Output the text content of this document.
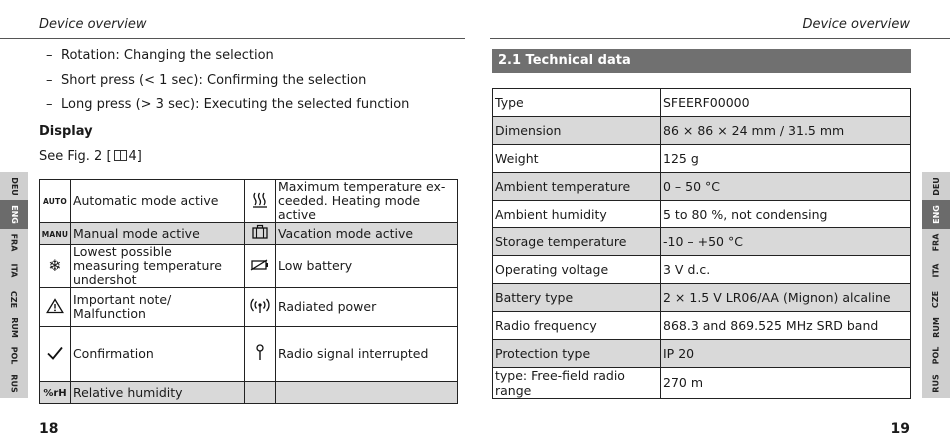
Device overview	Device overview
– Rotation: Changing the selection
– Short press (< 1 sec): Confirming the selection
– Long press (> 3 sec): Executing the selected function
Display
See Fig. 2 [ 4]
AUTO	Automatic mode active		Maximum temperature ex- ceeded. Heating mode active
MANU	Manual mode active		Vacation mode active
❄	Lowest possible measuring temperature undershot		Low battery
	Important note/ Malfunction		Radiated power
	Confirmation		Radio signal interrupted
%rH	Relative humidity		
2.1 Technical data
Type	SFEERF00000
Dimension	86 × 86 × 24 mm / 31.5 mm
Weight	125 g
Ambient temperature	0 – 50 °C
Ambient humidity	5 to 80 %, not condensing
Storage temperature	-10 – +50 °C
Operating voltage	3 V d.c.
Battery type	2 × 1.5 V LR06/AA (Mignon) alcaline
Radio frequency	868.3 and 869.525 MHz SRD band
Protection type	IP 20
type: Free-field radio range	270 m
18	19
DEU
ENG
FRA
ITA
CZE
RUM
POL
RUS
DEU
ENG
FRA
ITA
CZE
RUM
POL
RUS
